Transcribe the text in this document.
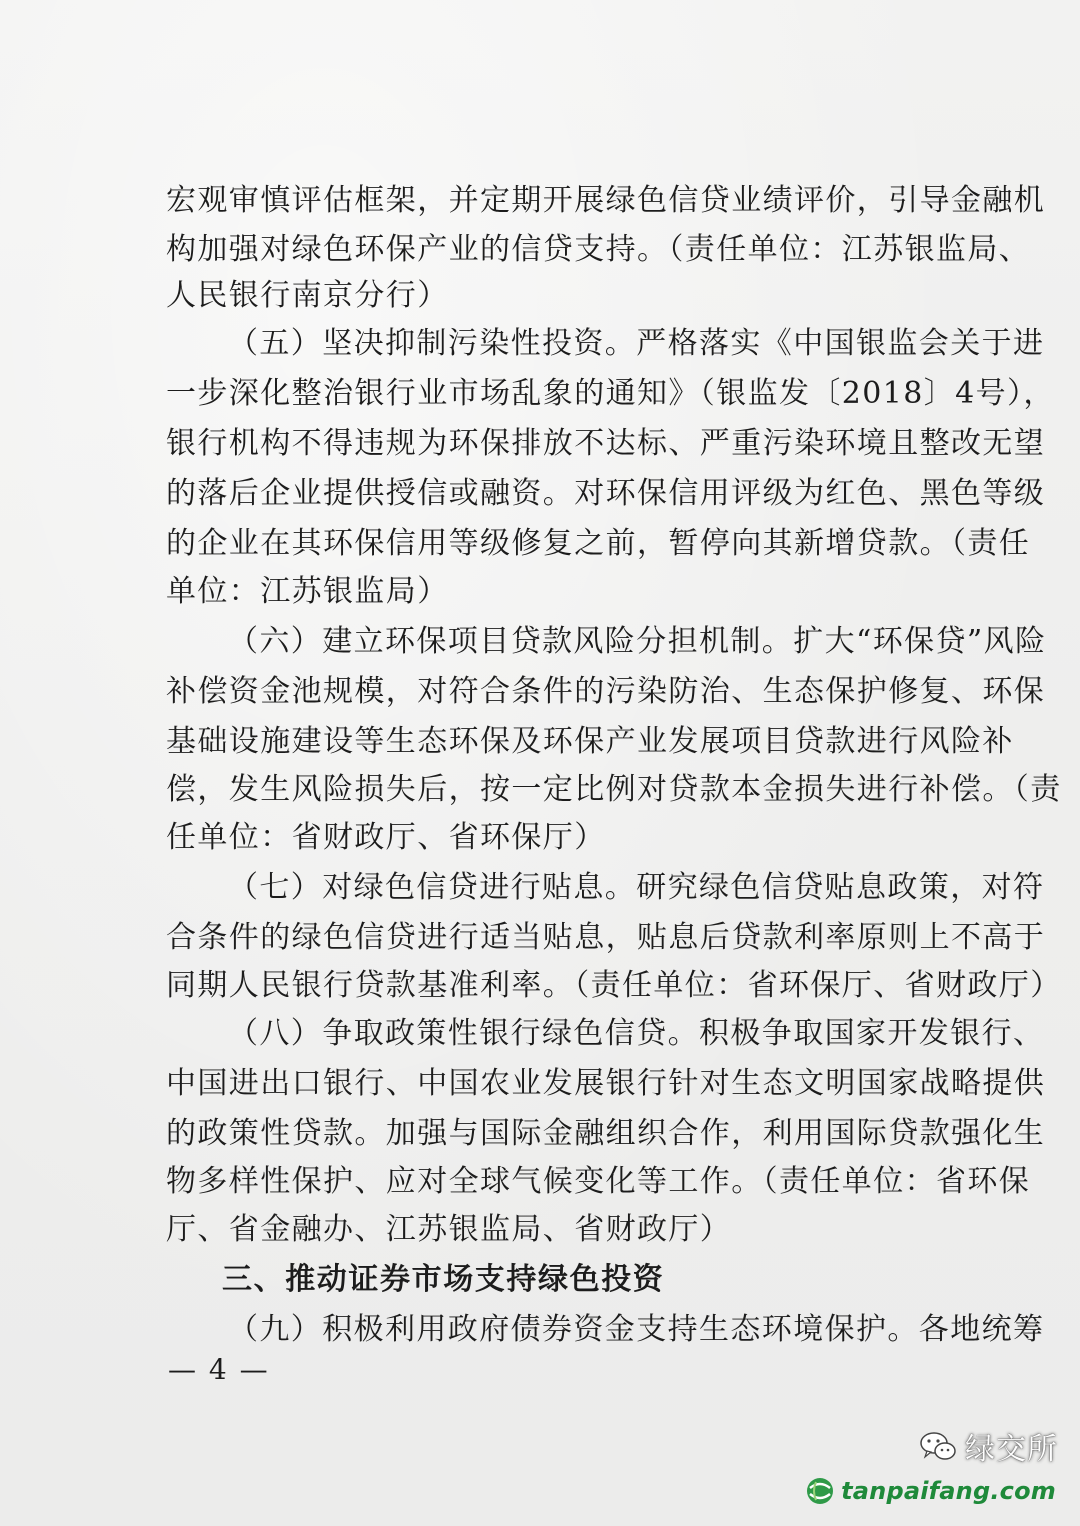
宏观审慎评估框架，并定期开展绿色信贷业绩评价，引导金融机
构加强对绿色环保产业的信贷支持。（责任单位：江苏银监局、
人民银行南京分行）
（五）坚决抑制污染性投资。严格落实《中国银监会关于进
一步深化整治银行业市场乱象的通知》（银监发〔2018〕4号），
银行机构不得违规为环保排放不达标、严重污染环境且整改无望
的落后企业提供授信或融资。对环保信用评级为红色、黑色等级
的企业在其环保信用等级修复之前，暂停向其新增贷款。（责任
单位：江苏银监局）
（六）建立环保项目贷款风险分担机制。扩大“环保贷”风险
补偿资金池规模，对符合条件的污染防治、生态保护修复、环保
基础设施建设等生态环保及环保产业发展项目贷款进行风险补
偿，发生风险损失后，按一定比例对贷款本金损失进行补偿。（责
任单位：省财政厅、省环保厅）
（七）对绿色信贷进行贴息。研究绿色信贷贴息政策，对符
合条件的绿色信贷进行适当贴息，贴息后贷款利率原则上不高于
同期人民银行贷款基准利率。（责任单位：省环保厅、省财政厅）
（八）争取政策性银行绿色信贷。积极争取国家开发银行、
中国进出口银行、中国农业发展银行针对生态文明国家战略提供
的政策性贷款。加强与国际金融组织合作，利用国际贷款强化生
物多样性保护、应对全球气候变化等工作。（责任单位：省环保
厅、省金融办、江苏银监局、省财政厅）
三、推动证券市场支持绿色投资
（九）积极利用政府债券资金支持生态环境保护。各地统筹
— 4 —
绿交所
tanpaifang.com
